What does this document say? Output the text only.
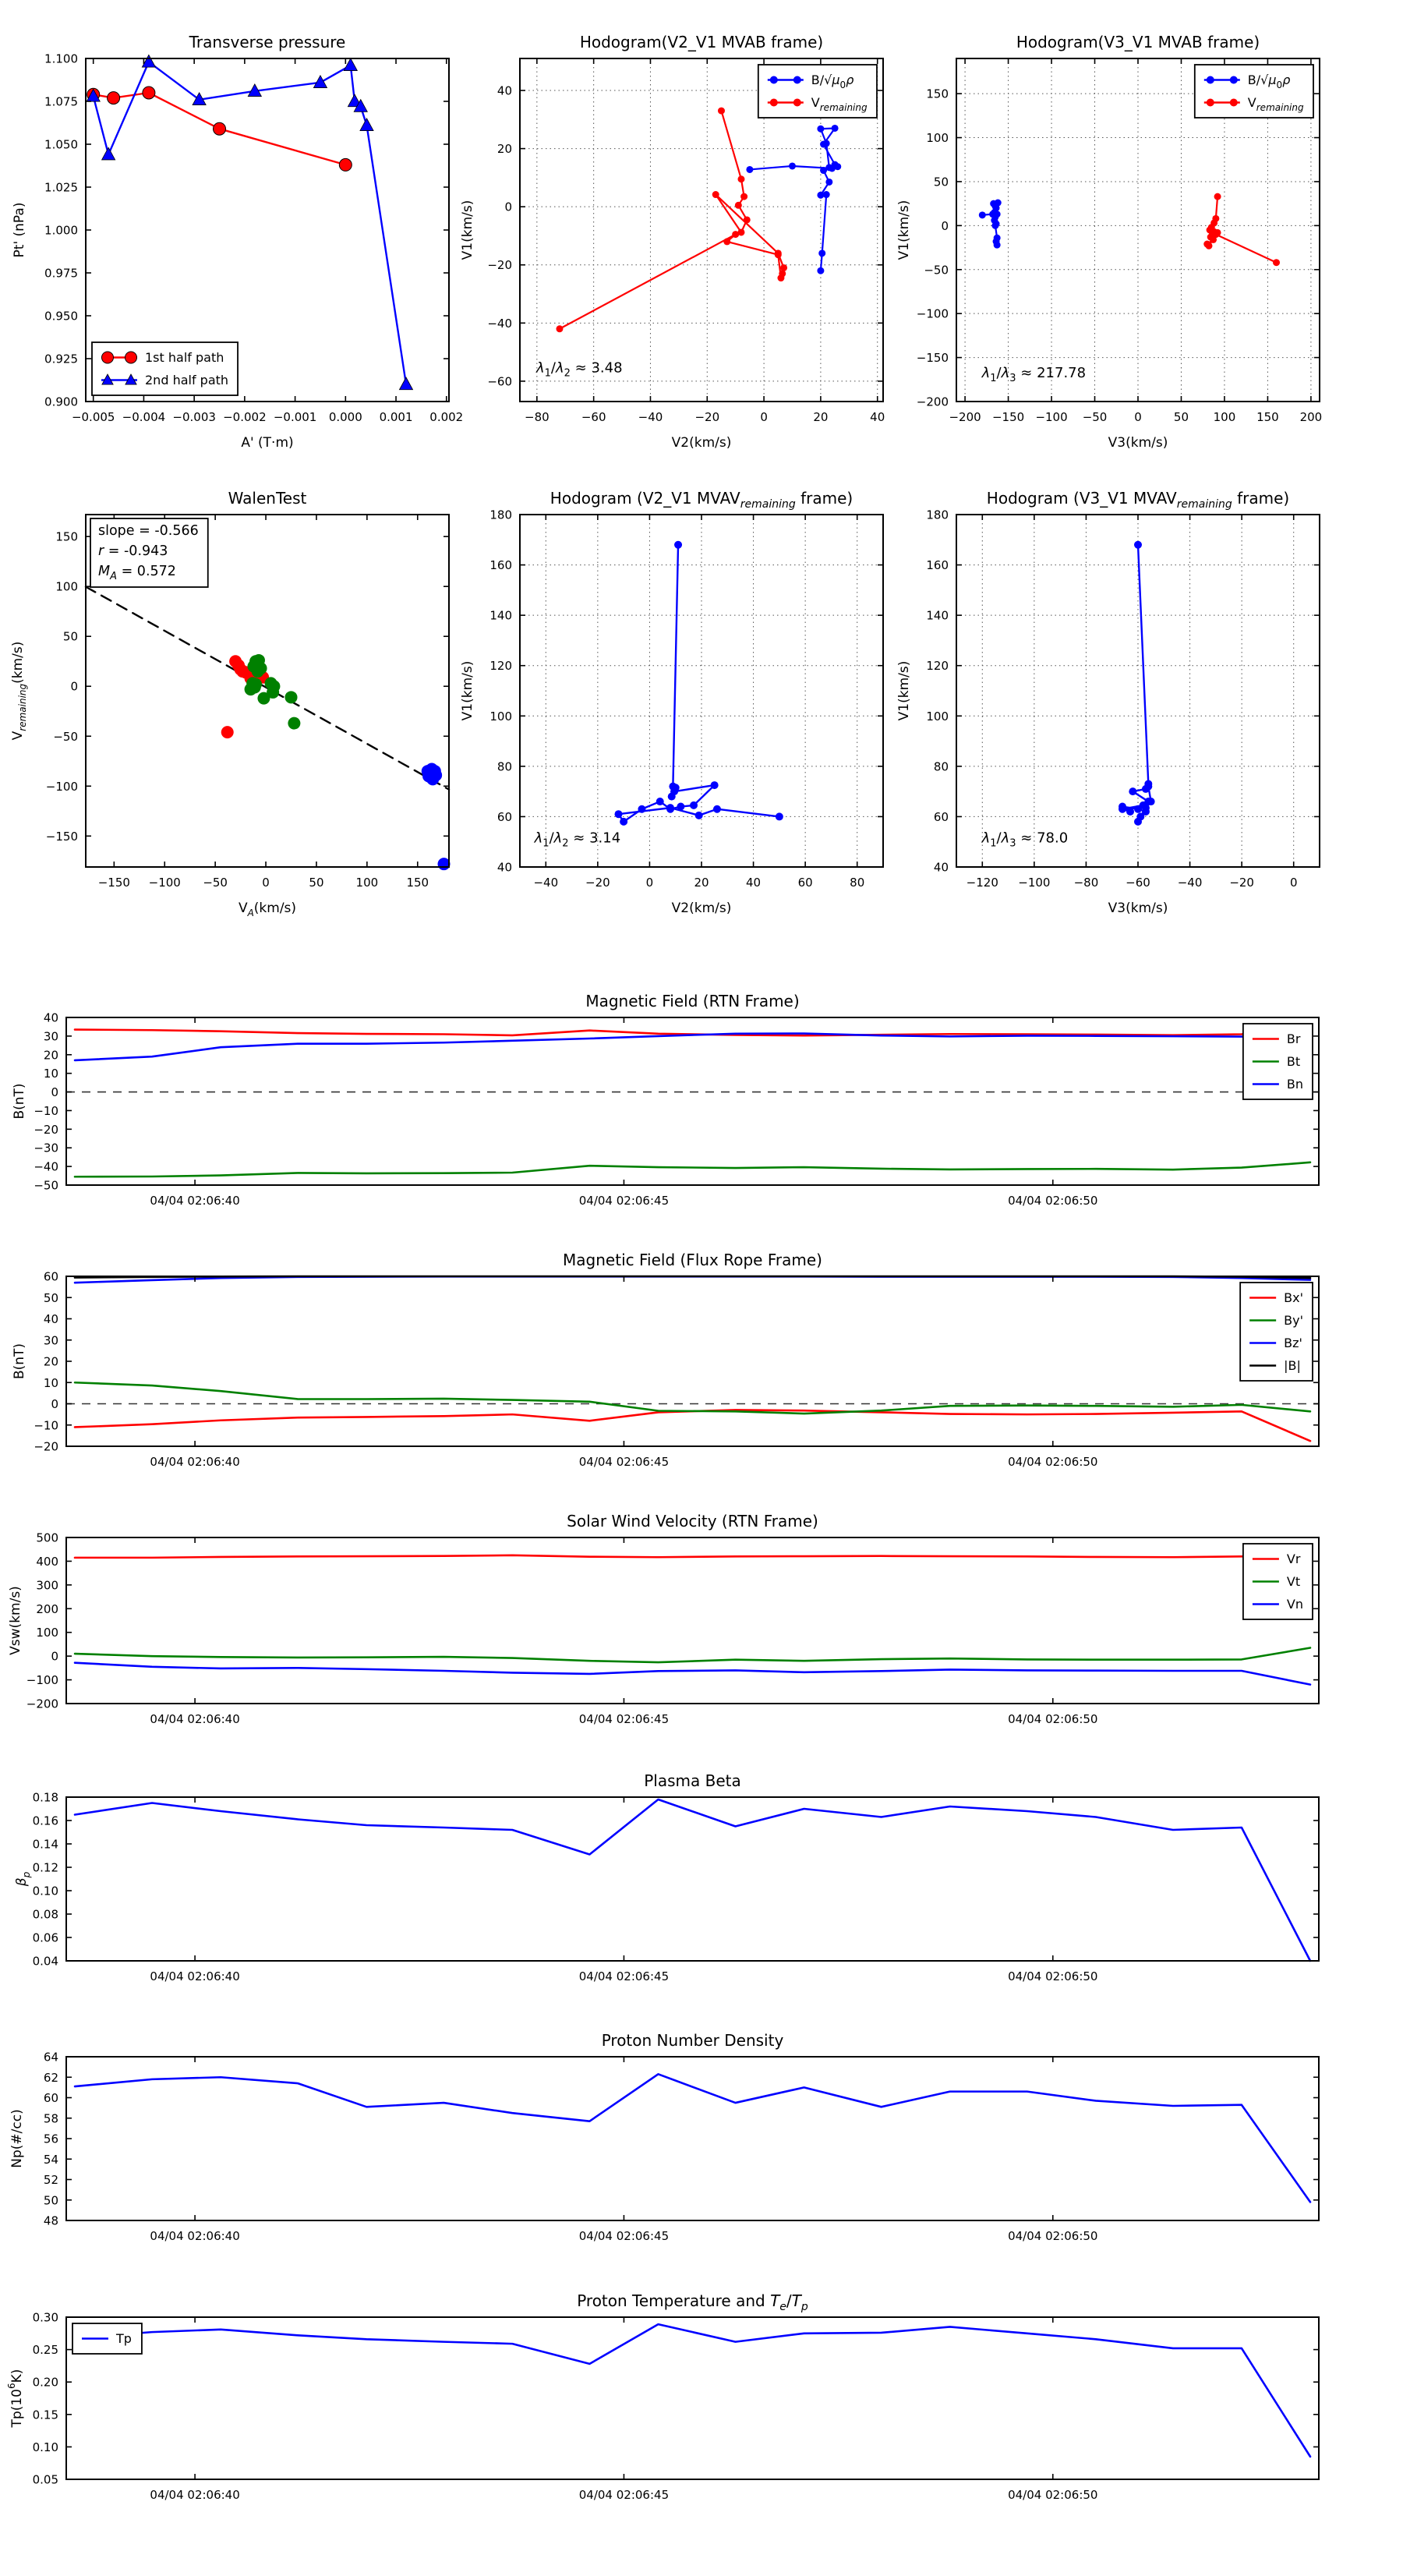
−0.005 −0.004 −0.003 −0.002 −0.001 0.000 0.001 0.002
0.900
0.925
0.950
0.975
1.000
1.025
1.050
1.075
1.100
Transverse pressure
A' (T·m)
Pt' (nPa)
1st half path
2nd half path
−80	−60	−40	−20	0	20	40
−60
−40
−20
0
20
40
Hodogram(V2_V1 MVAB frame)
V2(km/s)
V1(km/s)
$\lambda_1/\lambda_2 \approx 3.48$
$B/√\mu_0\rho$
$V_{remaining}$
−200 −150 −100 −50 0	50 100 150 200
−200
−150
−100
−50
0
50
100
150
Hodogram(V3_V1 MVAB frame)
V3(km/s)
V1(km/s)
$\lambda_1/\lambda_3 \approx 217.78$
$B/√\mu_0\rho$
$V_{remaining}$
−150 −100 −50	0	50	100 150
−150
−100
−50
0
50
100
150
WalenTest
$V_A(km/s)$
$V_{remaining}(km/s)$
slope = -0.566
r = -0.943
$M_A = 0.572$
−40 −20	0	20	40	60	80
40
60
80
100
120
140
160
180
Hodogram (V2_V1 $MVAV_{remaining}$ frame)
V2(km/s)
V1(km/s)
$\lambda_1/\lambda_2 \approx 3.14$
−120 −100 −80 −60 −40 −20	0
40
60
80
100
120
140
160
180
Hodogram (V3_V1 $MVAV_{remaining}$ frame)
V3(km/s)
V1(km/s)
$\lambda_1/\lambda_3 \approx 78.0$
04/04 02:06:40	04/04 02:06:45	04/04 02:06:50
−50
−40
−30
−20
−10
0
10
20
30
40
Magnetic Field (RTN Frame)
B(nT)
Br
Bt
Bn
04/04 02:06:40	04/04 02:06:45	04/04 02:06:50
−20
−10
0
10
20
30
40
50
60
Magnetic Field (Flux Rope Frame)
B(nT)
Bx'
By'
Bz'
|B|
04/04 02:06:40	04/04 02:06:45	04/04 02:06:50
−200
−100
0
100
200
300
400
500
Solar Wind Velocity (RTN Frame)
Vsw(km/s)
Vr
Vt
Vn
04/04 02:06:40	04/04 02:06:45	04/04 02:06:50
0.04
0.06
0.08
0.10
0.12
0.14
0.16
0.18
Plasma Beta
$\beta_p$
04/04 02:06:40	04/04 02:06:45	04/04 02:06:50
48
50
52
54
56
58
60
62
64
Proton Number Density
Np(#/cc)
04/04 02:06:40	04/04 02:06:45	04/04 02:06:50
0.05
0.10
0.15
0.20
0.25
0.30
Proton Temperature and $T_e/T_p$
$Tp(10^6K)$
Tp
